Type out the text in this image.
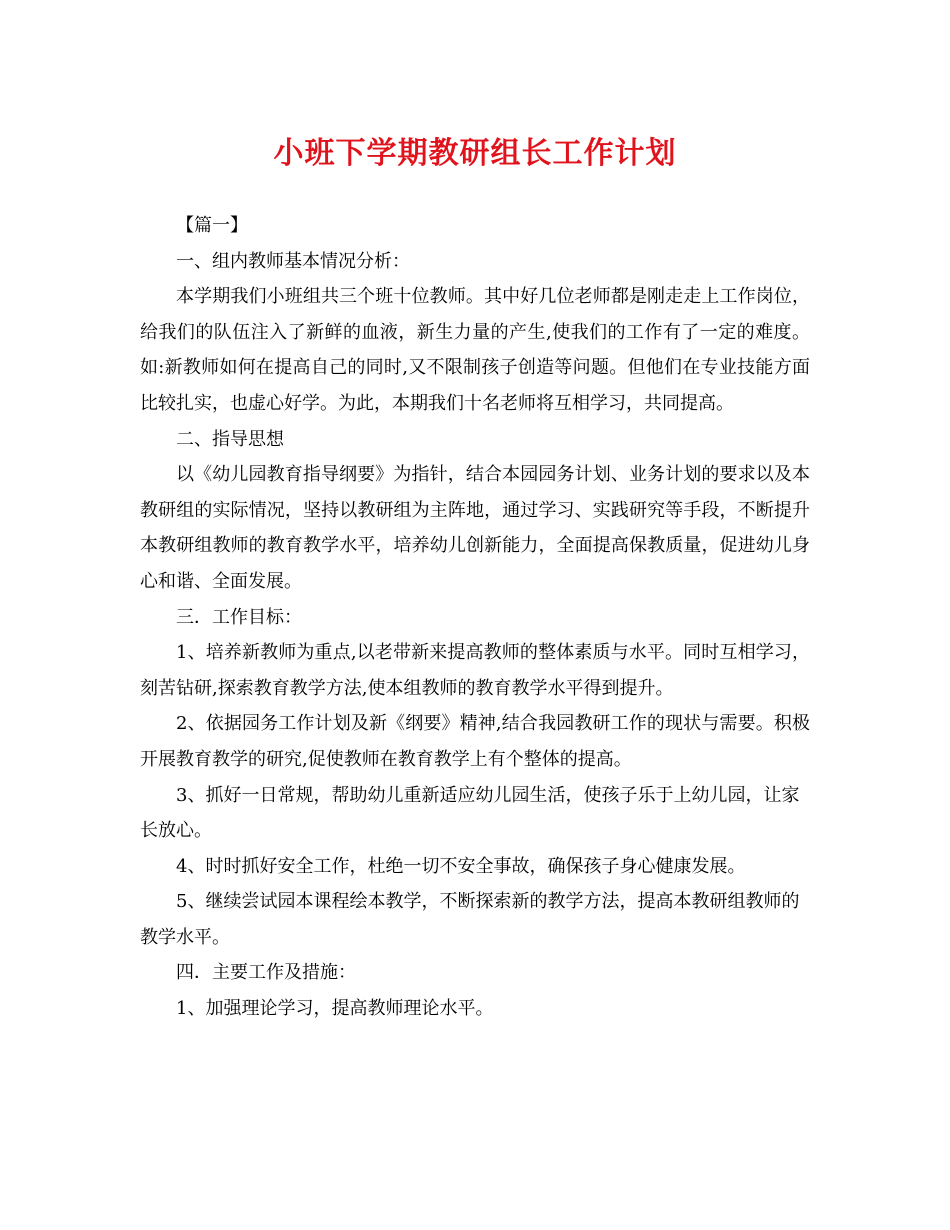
小班下学期教研组长工作计划

【篇一】

一、组内教师基本情况分析：

本学期我们小班组共三个班十位教师。其中好几位老师都是刚走走上工作岗位，给我们的队伍注入了新鲜的血液，新生力量的产生,使我们的工作有了一定的难度。如:新教师如何在提高自己的同时,又不限制孩子创造等问题。但他们在专业技能方面比较扎实，也虚心好学。为此，本期我们十名老师将互相学习，共同提高。

二、指导思想

以《幼儿园教育指导纲要》为指针，结合本园园务计划、业务计划的要求以及本教研组的实际情况，坚持以教研组为主阵地，通过学习、实践研究等手段，不断提升本教研组教师的教育教学水平，培养幼儿创新能力，全面提高保教质量，促进幼儿身心和谐、全面发展。

三．工作目标：

1、培养新教师为重点,以老带新来提高教师的整体素质与水平。同时互相学习，刻苦钻研,探索教育教学方法,使本组教师的教育教学水平得到提升。

2、依据园务工作计划及新《纲要》精神,结合我园教研工作的现状与需要。积极开展教育教学的研究,促使教师在教育教学上有个整体的提高。

3、抓好一日常规，帮助幼儿重新适应幼儿园生活，使孩子乐于上幼儿园，让家长放心。

4、时时抓好安全工作，杜绝一切不安全事故，确保孩子身心健康发展。

5、继续尝试园本课程绘本教学，不断探索新的教学方法，提高本教研组教师的教学水平。

四．主要工作及措施：

1、加强理论学习，提高教师理论水平。
